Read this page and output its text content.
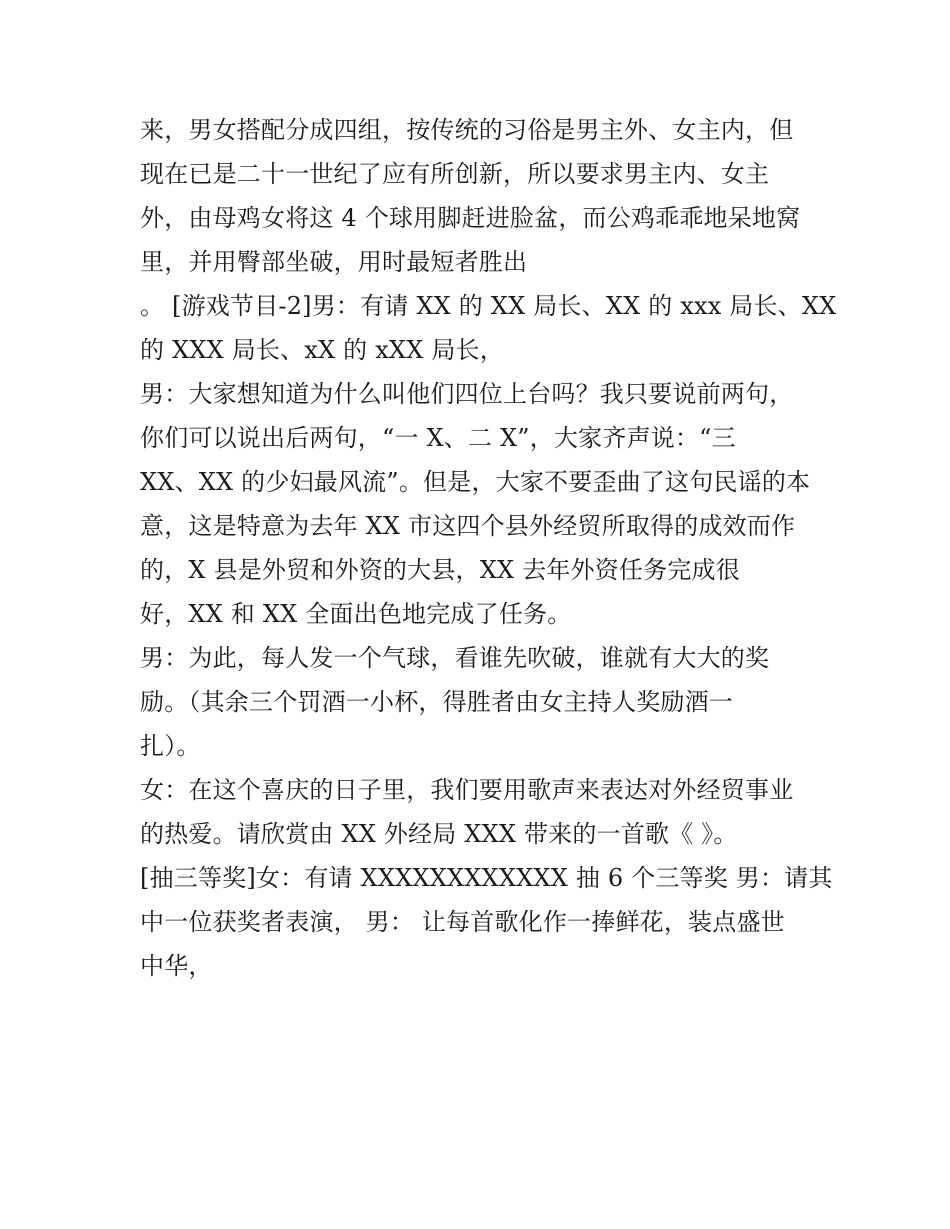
来，男女搭配分成四组，按传统的习俗是男主外、女主内，但
现在已是二十一世纪了应有所创新，所以要求男主内、女主
外，由母鸡女将这 4 个球用脚赶进脸盆，而公鸡乖乖地呆地窝
里，并用臀部坐破，用时最短者胜出
。 [游戏节目-2]男：有请 XX 的 XX 局长、XX 的 xxx 局长、XX
的 XXX 局长、xX 的 xXX 局长，
男：大家想知道为什么叫他们四位上台吗？我只要说前两句，
你们可以说出后两句，“一 X、二 X”，大家齐声说：“三
XX、XX 的少妇最风流”。但是，大家不要歪曲了这句民谣的本
意，这是特意为去年 XX 市这四个县外经贸所取得的成效而作
的，X 县是外贸和外资的大县，XX 去年外资任务完成很
好，XX 和 XX 全面出色地完成了任务。
男：为此，每人发一个气球，看谁先吹破，谁就有大大的奖
励。（其余三个罚酒一小杯，得胜者由女主持人奖励酒一
扎）。
女：在这个喜庆的日子里，我们要用歌声来表达对外经贸事业
的热爱。请欣赏由 XX 外经局 XXX 带来的一首歌《 》。
[抽三等奖]女：有请 XXXXXXXXXXXX 抽 6 个三等奖 男：请其
中一位获奖者表演， 男： 让每首歌化作一捧鲜花，装点盛世
中华，
